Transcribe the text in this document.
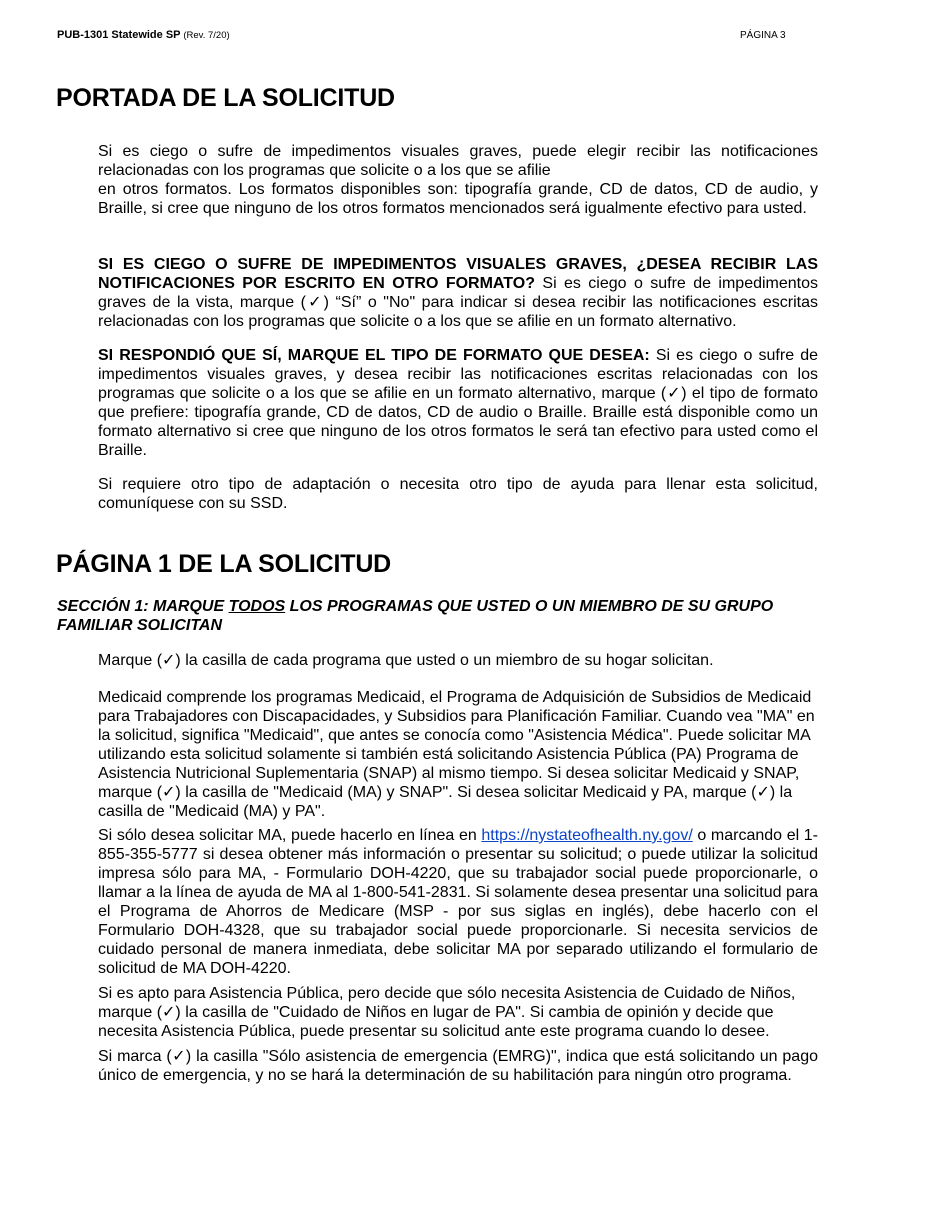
PUB-1301 Statewide SP (Rev. 7/20)	PÁGINA 3
PORTADA DE LA SOLICITUD

Si es ciego o sufre de impedimentos visuales graves, puede elegir recibir las notificaciones relacionadas con los programas que solicite o a los que se afilie
en otros formatos. Los formatos disponibles son: tipografía grande, CD de datos, CD de audio, y Braille, si cree que ninguno de los otros formatos mencionados será igualmente efectivo para usted.

SI ES CIEGO O SUFRE DE IMPEDIMENTOS VISUALES GRAVES, ¿DESEA RECIBIR LAS NOTIFICACIONES POR ESCRITO EN OTRO FORMATO? Si es ciego o sufre de impedimentos graves de la vista, marque (✓) “Sí” o "No" para indicar si desea recibir las notificaciones escritas relacionadas con los programas que solicite o a los que se afilie en un formato alternativo.

SI RESPONDIÓ QUE SÍ, MARQUE EL TIPO DE FORMATO QUE DESEA: Si es ciego o sufre de impedimentos visuales graves, y desea recibir las notificaciones escritas relacionadas con los programas que solicite o a los que se afilie en un formato alternativo, marque (✓) el tipo de formato que prefiere: tipografía grande, CD de datos, CD de audio o Braille. Braille está disponible como un formato alternativo si cree que ninguno de los otros formatos le será tan efectivo para usted como el Braille.

Si requiere otro tipo de adaptación o necesita otro tipo de ayuda para llenar esta solicitud, comuníquese con su SSD.

PÁGINA 1 DE LA SOLICITUD
SECCIÓN 1: MARQUE TODOS LOS PROGRAMAS QUE USTED O UN MIEMBRO DE SU GRUPO FAMILIAR SOLICITAN

Marque (✓) la casilla de cada programa que usted o un miembro de su hogar solicitan.

Medicaid comprende los programas Medicaid, el Programa de Adquisición de Subsidios de Medicaid para Trabajadores con Discapacidades, y Subsidios para Planificación Familiar. Cuando vea "MA" en la solicitud, significa "Medicaid", que antes se conocía como "Asistencia Médica". Puede solicitar MA utilizando esta solicitud solamente si también está solicitando Asistencia Pública (PA) Programa de Asistencia Nutricional Suplementaria (SNAP) al mismo tiempo. Si desea solicitar Medicaid y SNAP, marque (✓) la casilla de "Medicaid (MA) y SNAP". Si desea solicitar Medicaid y PA, marque (✓) la casilla de "Medicaid (MA) y PA".

Si sólo desea solicitar MA, puede hacerlo en línea en https://nystateofhealth.ny.gov/ o marcando el 1-855-355-5777 si desea obtener más información o presentar su solicitud; o puede utilizar la solicitud impresa sólo para MA, - Formulario DOH-4220, que su trabajador social puede proporcionarle, o llamar a la línea de ayuda de MA al 1-800-541-2831. Si solamente desea presentar una solicitud para el Programa de Ahorros de Medicare (MSP - por sus siglas en inglés), debe hacerlo con el Formulario DOH-4328, que su trabajador social puede proporcionarle. Si necesita servicios de cuidado personal de manera inmediata, debe solicitar MA por separado utilizando el formulario de solicitud de MA DOH-4220.

Si es apto para Asistencia Pública, pero decide que sólo necesita Asistencia de Cuidado de Niños, marque (✓) la casilla de "Cuidado de Niños en lugar de PA". Si cambia de opinión y decide que necesita Asistencia Pública, puede presentar su solicitud ante este programa cuando lo desee.

Si marca (✓) la casilla "Sólo asistencia de emergencia (EMRG)", indica que está solicitando un pago único de emergencia, y no se hará la determinación de su habilitación para ningún otro programa.
